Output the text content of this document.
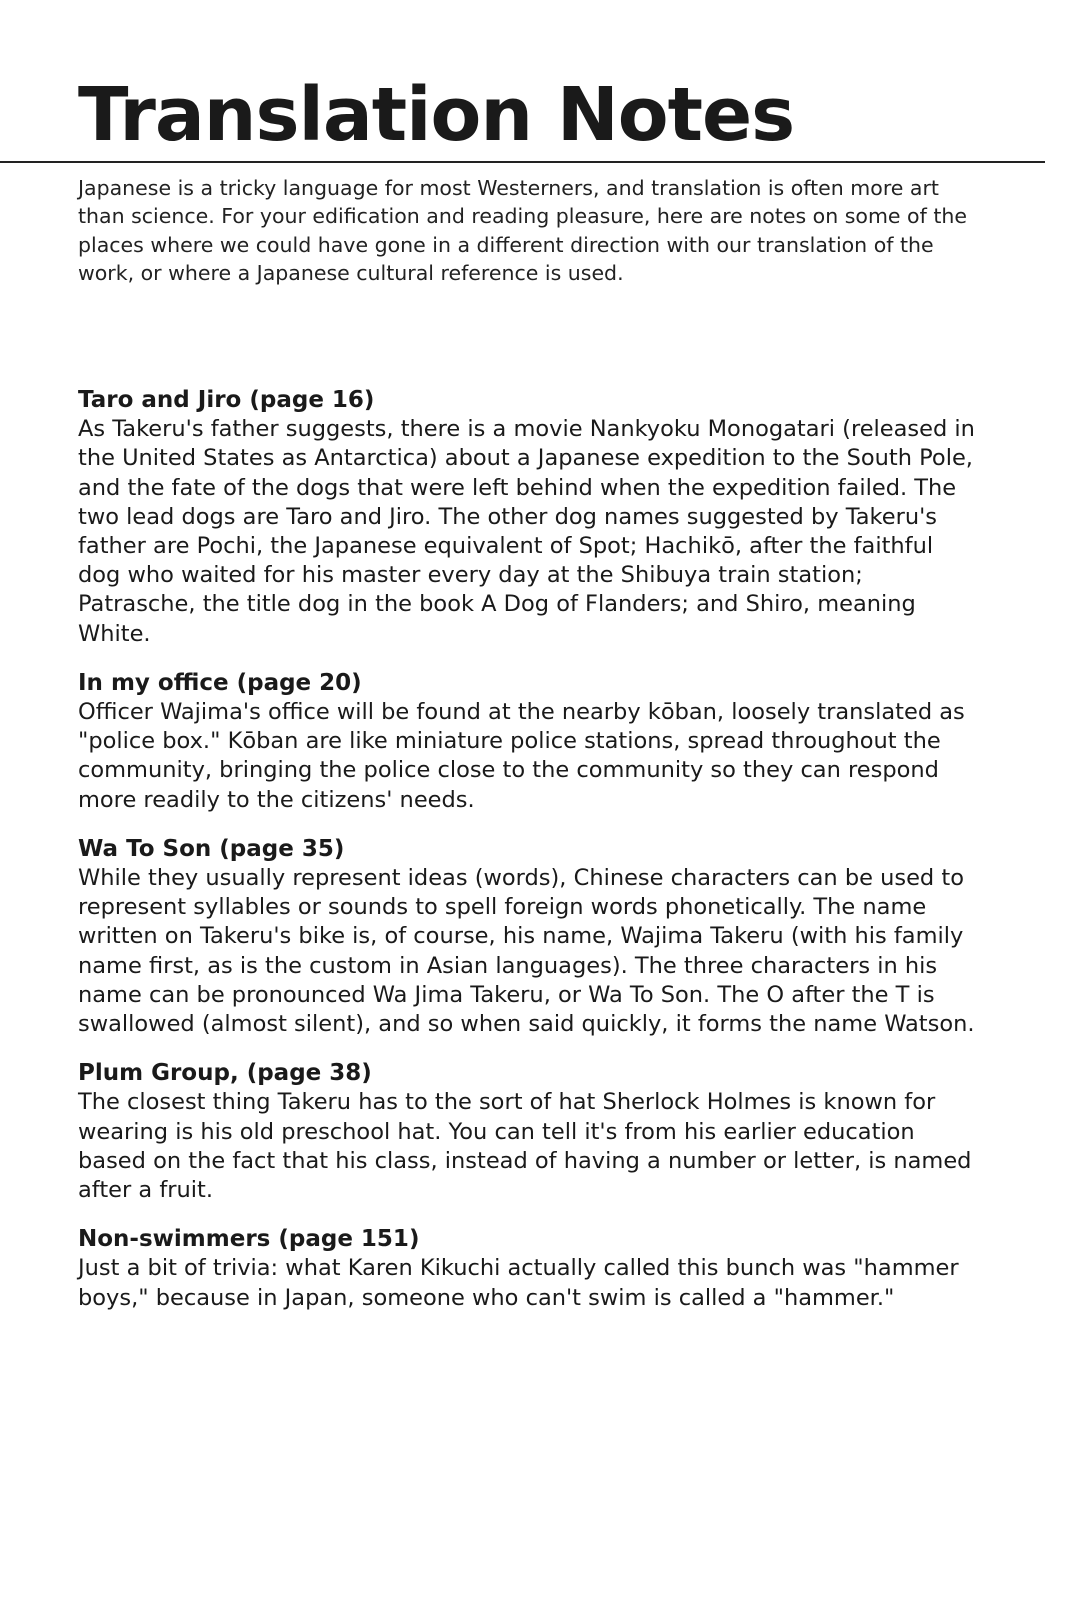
Translation Notes

Japanese is a tricky language for most Westerners, and translation is often more art than science. For your edification and reading pleasure, here are notes on some of the places where we could have gone in a different direction with our translation of the work, or where a Japanese cultural reference is used.

Taro and Jiro (page 16)

As Takeru's father suggests, there is a movie Nankyoku Monogatari (released in the United States as Antarctica) about a Japanese expedition to the South Pole, and the fate of the dogs that were left behind when the expedition failed. The two lead dogs are Taro and Jiro. The other dog names suggested by Takeru's father are Pochi, the Japanese equivalent of Spot; Hachikō, after the faithful dog who waited for his master every day at the Shibuya train station; Patrasche, the title dog in the book A Dog of Flanders; and Shiro, meaning White.

In my office (page 20)

Officer Wajima's office will be found at the nearby kōban, loosely translated as "police box." Kōban are like miniature police stations, spread throughout the community, bringing the police close to the community so they can respond more readily to the citizens' needs.

Wa To Son (page 35)

While they usually represent ideas (words), Chinese characters can be used to represent syllables or sounds to spell foreign words phonetically. The name written on Takeru's bike is, of course, his name, Wajima Takeru (with his family name first, as is the custom in Asian languages). The three characters in his name can be pronounced Wa Jima Takeru, or Wa To Son. The O after the T is swallowed (almost silent), and so when said quickly, it forms the name Watson.

Plum Group, (page 38)

The closest thing Takeru has to the sort of hat Sherlock Holmes is known for wearing is his old preschool hat. You can tell it's from his earlier education based on the fact that his class, instead of having a number or letter, is named after a fruit.

Non-swimmers (page 151)

Just a bit of trivia: what Karen Kikuchi actually called this bunch was "hammer boys," because in Japan, someone who can't swim is called a "hammer."
